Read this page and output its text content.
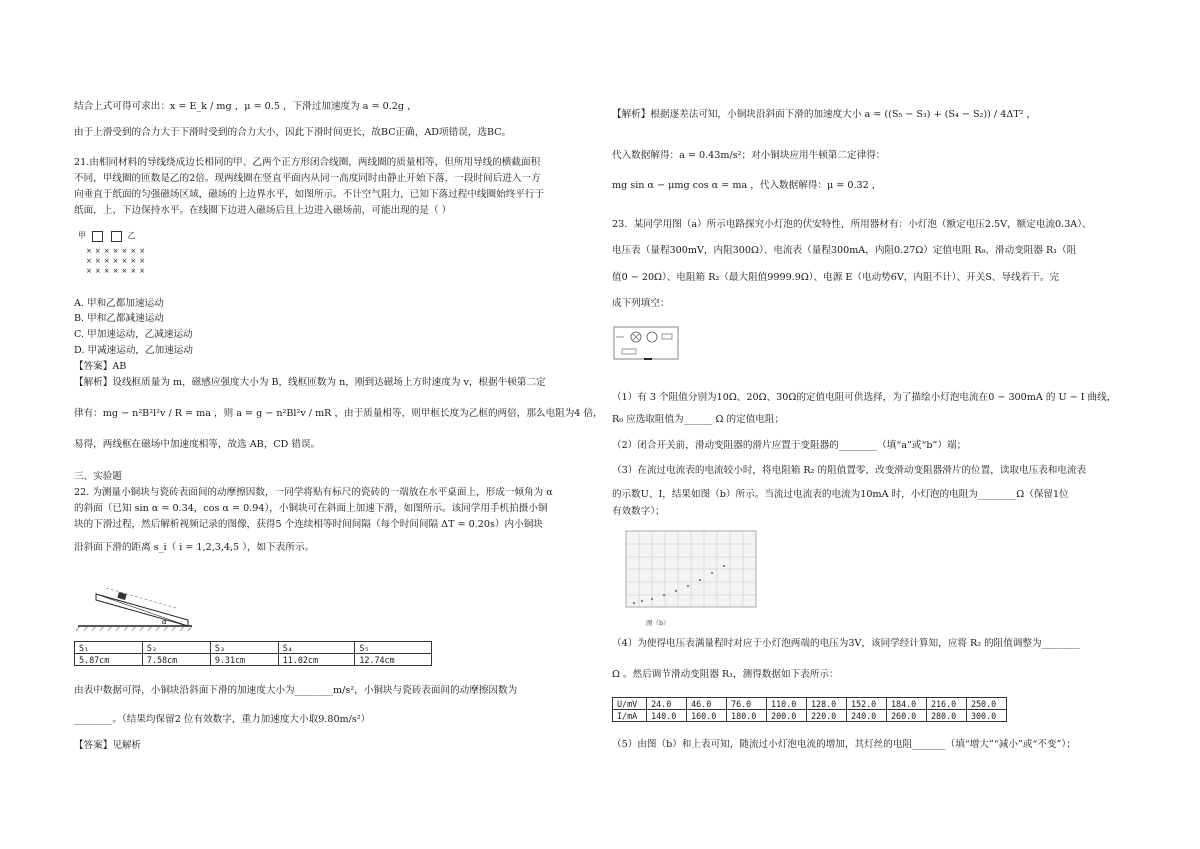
结合上式可得可求出：x = E_k / mg ，μ = 0.5 ，下滑过加速度为 a = 0.2g ，
由于上滑受到的合力大于下滑时受到的合力大小，因此下滑时间更长，故BC正确，AD项错误，选BC。
21.由相同材料的导线绕成边长相同的甲、乙两个正方形闭合线圈，两线圈的质量相等，但所用导线的横截面积
不同，甲线圈的匝数是乙的2倍。现两线圈在竖直平面内从同一高度同时由静止开始下落，一段时间后进入一方
向垂直于纸面的匀强磁场区域，磁场的上边界水平，如图所示。不计空气阻力，已知下落过程中线圈始终平行于
纸面，上、下边保持水平。在线圈下边进入磁场后且上边进入磁场前，可能出现的是（ ）
甲	乙
×××××××
×××××××
×××××××
A. 甲和乙都加速运动
B. 甲和乙都减速运动
C. 甲加速运动，乙减速运动
D. 甲减速运动，乙加速运动
【答案】AB
【解析】设线框质量为 m，磁感应强度大小为 B，线框匝数为 n，刚到达磁场上方时速度为 v，根据牛顿第二定
律有：mg − n²B²l²v / R = ma ，则 a = g − n²Bl²v / mR ，由于质量相等，则甲框长度为乙框的两倍，那么电阻为4 倍，
易得，两线框在磁场中加速度相等，故选 AB，CD 错误。
三、实验题
22. 为测量小铜块与瓷砖表面间的动摩擦因数，一同学将贴有标尺的瓷砖的一端放在水平桌面上，形成一倾角为 α
的斜面（已知 sin α = 0.34，cos α = 0.94），小铜块可在斜面上加速下滑，如图所示。该同学用手机拍摄小铜
块的下滑过程，然后解析视频记录的图像，获得5 个连续相等时间间隔（每个时间间隔 ΔT = 0.20s）内小铜块
沿斜面下滑的距离 s_i（ i = 1,2,3,4,5 ），如下表所示。
α
S₁	S₂	S₃	S₄	S₅
5.87cm	7.58cm	9.31cm	11.02cm	12.74cm
由表中数据可得，小铜块沿斜面下滑的加速度大小为________m/s²，小铜块与瓷砖表面间的动摩擦因数为
________。（结果均保留2 位有效数字，重力加速度大小取9.80m/s²）
【答案】见解析
【解析】根据逐差法可知，小铜块沿斜面下滑的加速度大小 a = ((S₅ − S₃) + (S₄ − S₂)) / 4ΔT² ，
代入数据解得：a = 0.43m/s²；对小铜块应用牛顿第二定律得：
mg sin α − μmg cos α = ma ，代入数据解得：μ = 0.32 ，
23．某同学用图（a）所示电路探究小灯泡的伏安特性，所用器材有：小灯泡（额定电压2.5V，额定电流0.3A）、
电压表（量程300mV，内阻300Ω）、电流表（量程300mA，内阻0.27Ω）定值电阻 R₀、滑动变阻器 R₁（阻
值0 − 20Ω）、电阻箱 R₂（最大阻值9999.9Ω）、电源 E（电动势6V，内阻不计）、开关S、导线若干。完
成下列填空：
（1）有 3 个阻值分别为10Ω、20Ω、30Ω的定值电阻可供选择，为了描绘小灯泡电流在0 − 300mA 的 U − I 曲线，
R₀ 应选取阻值为______ Ω 的定值电阻；
（2）闭合开关前，滑动变阻器的滑片应置于变阻器的________（填“a”或“b”）端；
（3）在流过电流表的电流较小时，将电阻箱 R₂ 的阻值置零，改变滑动变阻器滑片的位置，读取电压表和电流表
的示数U、I，结果如图（b）所示。当流过电流表的电流为10mA 时，小灯泡的电阻为________Ω（保留1位
有效数字）；
图（b）
（4）为使得电压表满量程时对应于小灯泡两端的电压为3V，该同学经计算知，应将 R₂ 的阻值调整为________
Ω 。然后调节滑动变阻器 R₁，测得数据如下表所示：
U/mV	24.0	46.0	76.0	110.0	128.0	152.0	184.0	216.0	250.0
I/mA	140.0	160.0	180.0	200.0	220.0	240.0	260.0	280.0	300.0
（5）由图（b）和上表可知，随流过小灯泡电流的增加，其灯丝的电阻_______（填“增大”“减小”或“不变”）；
